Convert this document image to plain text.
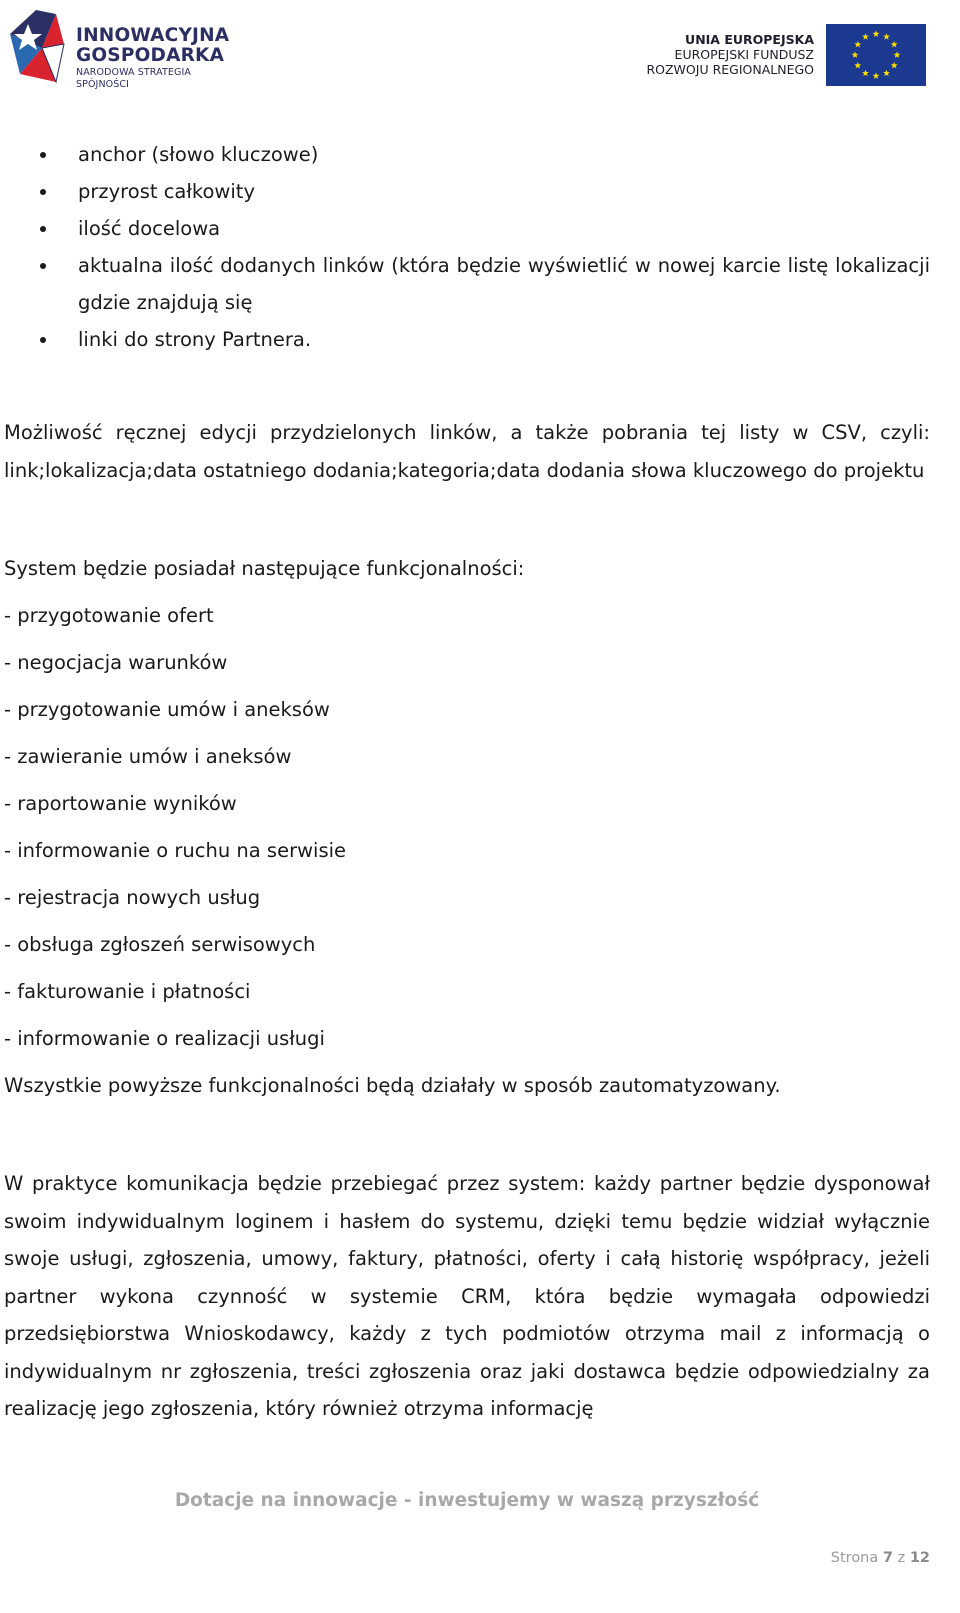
INNOWACYJNA
GOSPODARKA
NARODOWA STRATEGIA SPÓJNOŚCI
UNIA EUROPEJSKA
EUROPEJSKI FUNDUSZ
ROZWOJU REGIONALNEGO
anchor (słowo kluczowe)
przyrost całkowity
ilość docelowa
aktualna ilość dodanych linków (która będzie wyświetlić w nowej karcie listę lokalizacji gdzie znajdują się
linki do strony Partnera.

Możliwość ręcznej edycji przydzielonych linków, a także pobrania tej listy w CSV, czyli: link;lokalizacja;data ostatniego dodania;kategoria;data dodania słowa kluczowego do projektu

System będzie posiadał następujące funkcjonalności:

- przygotowanie ofert

- negocjacja warunków

- przygotowanie umów i aneksów

- zawieranie umów i aneksów

- raportowanie wyników

- informowanie o ruchu na serwisie

- rejestracja nowych usług

- obsługa zgłoszeń serwisowych

- fakturowanie i płatności

- informowanie o realizacji usługi

Wszystkie powyższe funkcjonalności będą działały w sposób zautomatyzowany.

W praktyce komunikacja będzie przebiegać przez system: każdy partner będzie dysponował swoim indywidualnym loginem i hasłem do systemu, dzięki temu będzie widział wyłącznie swoje usługi, zgłoszenia, umowy, faktury, płatności, oferty i całą historię współpracy, jeżeli partner wykona czynność w systemie CRM, która będzie wymagała odpowiedzi przedsiębiorstwa Wnioskodawcy, każdy z tych podmiotów otrzyma mail z informacją o indywidualnym nr zgłoszenia, treści zgłoszenia oraz jaki dostawca będzie odpowiedzialny za realizację jego zgłoszenia, który również otrzyma informację

Dotacje na innowacje - inwestujemy w waszą przyszłość
Strona 7 z 12
